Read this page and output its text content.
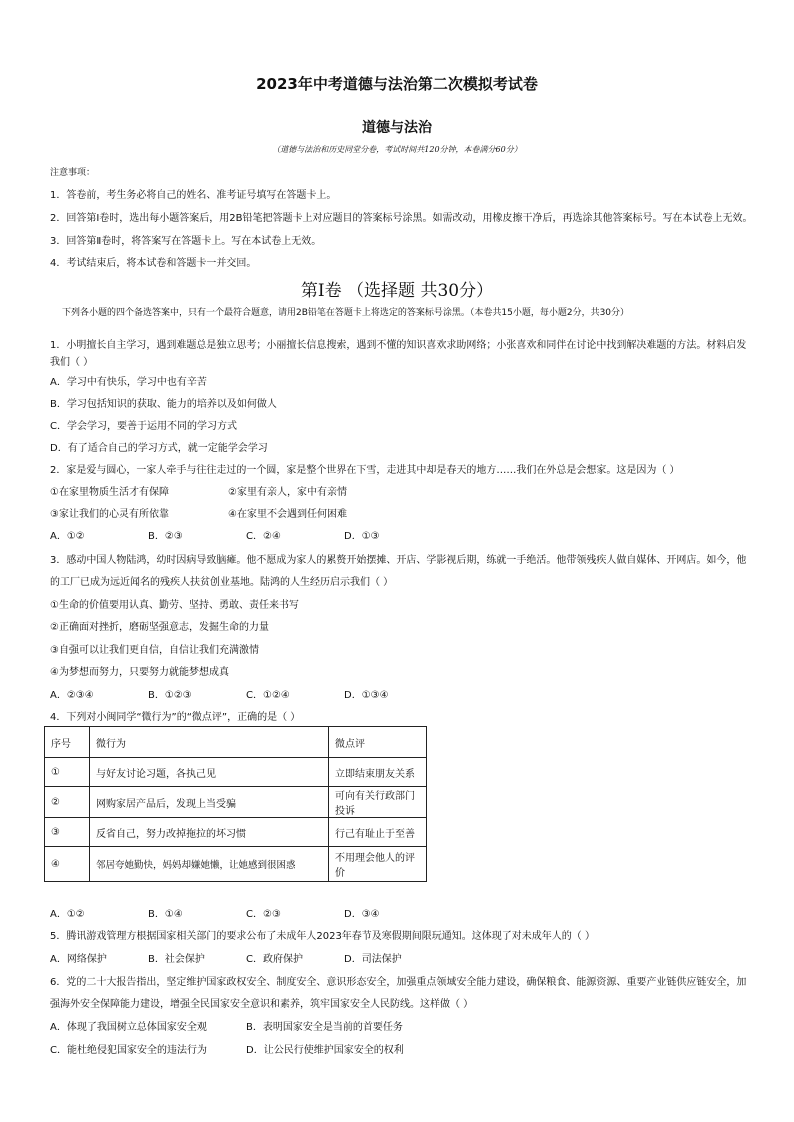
2023年中考道德与法治第二次模拟考试卷
道德与法治
（道德与法治和历史同堂分卷，考试时间共120分钟，本卷满分60分）
注意事项：
1．答卷前，考生务必将自己的姓名、准考证号填写在答题卡上。
2．回答第Ⅰ卷时，选出每小题答案后，用2B铅笔把答题卡上对应题目的答案标号涂黑。如需改动，用橡皮擦干净后，再选涂其他答案标号。写在本试卷上无效。
3．回答第Ⅱ卷时，将答案写在答题卡上。写在本试卷上无效。
4．考试结束后，将本试卷和答题卡一并交回。
第Ⅰ卷 （选择题 共30分）
下列各小题的四个备选答案中，只有一个最符合题意，请用2B铅笔在答题卡上将选定的答案标号涂黑。（本卷共15小题，每小题2分，共30分）
1．小明擅长自主学习，遇到难题总是独立思考；小丽擅长信息搜索，遇到不懂的知识喜欢求助网络；小张喜欢和同伴在讨论中找到解决难题的方法。材料启发
我们（ ）
A．学习中有快乐，学习中也有辛苦
B．学习包括知识的获取、能力的培养以及如何做人
C．学会学习，要善于运用不同的学习方式
D．有了适合自己的学习方式，就一定能学会学习
2．家是爱与圆心，一家人牵手与往往走过的一个圆，家是整个世界在下雪，走进其中却是春天的地方……我们在外总是会想家。这是因为（ ）
①在家里物质生活才有保障	②家里有亲人，家中有亲情
③家让我们的心灵有所依靠	④在家里不会遇到任何困难
A．①②	B．②③	C．②④	D．①③
3．感动中国人物陆鸿，幼时因病导致脑瘫。他不愿成为家人的累赘开始摆摊、开店、学影视后期，练就一手绝活。他带领残疾人做自媒体、开网店。如今，他
的工厂已成为远近闻名的残疾人扶贫创业基地。陆鸿的人生经历启示我们（ ）
①生命的价值要用认真、勤劳、坚持、勇敢、责任来书写
②正确面对挫折，磨砺坚强意志，发掘生命的力量
③自强可以让我们更自信，自信让我们充满激情
④为梦想而努力，只要努力就能梦想成真
A．②③④	B．①②③	C．①②④	D．①③④
4．下列对小闽同学“微行为”的“微点评”，正确的是（ ）
序号	微行为	微点评
①	与好友讨论习题，各执己见	立即结束朋友关系
②	网购家居产品后，发现上当受骗	可向有关行政部门投诉
③	反省自己，努力改掉拖拉的坏习惯	行己有耻止于至善
④	邻居夸她勤快，妈妈却嫌她懒，让她感到很困惑	不用理会他人的评价
A．①②	B．①④	C．②③	D．③④
5．腾讯游戏管理方根据国家相关部门的要求公布了未成年人2023年春节及寒假期间限玩通知。这体现了对未成年人的（ ）
A．网络保护	B．社会保护	C．政府保护	D．司法保护
6．党的二十大报告指出，坚定维护国家政权安全、制度安全、意识形态安全，加强重点领域安全能力建设，确保粮食、能源资源、重要产业链供应链安全，加
强海外安全保障能力建设，增强全民国家安全意识和素养，筑牢国家安全人民防线。这样做（ ）
A．体现了我国树立总体国家安全观	B．表明国家安全是当前的首要任务
C．能杜绝侵犯国家安全的违法行为	D．让公民行使维护国家安全的权利
